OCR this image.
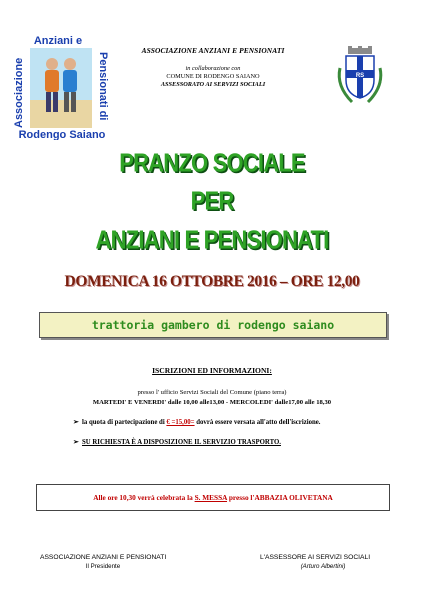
Anziani e
Associazione	Pensionati di
Rodengo Saiano
ASSOCIAZIONE ANZIANI E PENSIONATI
in collaborazione con
COMUNE DI RODENGO SAIANO
ASSESSORATO AI SERVIZI SOCIALI
RS
PRANZO SOCIALE
PER
ANZIANI E PENSIONATI
DOMENICA 16 OTTOBRE 2016 – ORE 12,00
trattoria gambero di rodengo saiano
ISCRIZIONI ED INFORMAZIONI:
presso l' ufficio Servizi Sociali del Comune (piano terra)
MARTEDI' E VENERDI' dalle 10,00 alle13,00 - MERCOLEDI' dalle17,00 alle 18,30
➢ la quota di partecipazione di € =15,00= dovrà essere versata all'atto dell'iscrizione.
➢ SU RICHIESTA È A DISPOSIZIONE IL SERVIZIO TRASPORTO.
Alle ore 10,30 verrà celebrata la S. MESSA presso l'ABBAZIA OLIVETANA
ASSOCIAZIONE ANZIANI E PENSIONATI
Il Presidente
L'ASSESSORE AI SERVIZI SOCIALI
(Arturo Albertini)
